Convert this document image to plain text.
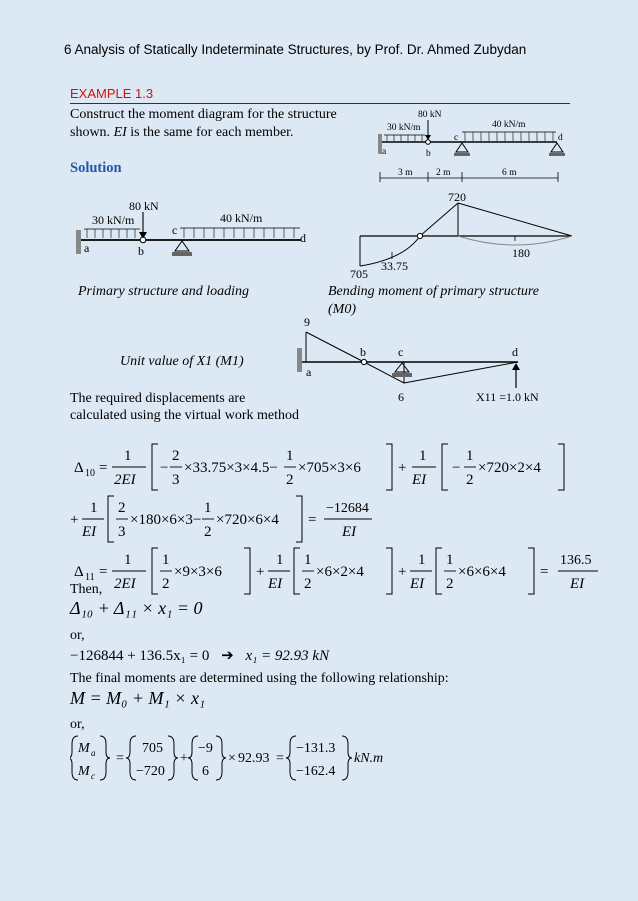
6 Analysis of Statically Indeterminate Structures, by Prof. Dr. Ahmed Zubydan
EXAMPLE 1.3
Construct the moment diagram for the structure
shown. EI is the same for each member.
Solution
80 kN
30 kN/m	40 kN/m
a	b
c	d
3 m 2 m	6 m
80 kN
30 kN/m	40 kN/m
a	b
c
d
Primary structure and loading
720
180
33.75
705
Bending moment of primary structure
(M0)
9
6
a
b	c	d
X11 =1.0 kN
Unit value of X1 (M1)
The required displacements are
calculated using the virtual work method
Δ 10 =
1
2EI
−
2
3
×33.75×3×4.5−
1
2
×705×3×6 +
1
EI
−
1
2
×720×2×4
+
1
EI
2
3
×180×6×3−
1
2
×720×6×4 =
−12684
EI
Δ 11 =
1
2EI
1
2
×9×3×6 +
1
EI
1
2
×6×2×4 +
1
EI
1
2
×6×6×4 =
136.5
EI
Then,
Δ₁₀ + Δ₁₁ × x₁ = 0
or,
−126844 + 136.5x₁ = 0 ➔ x₁ = 92.93 kN
The final moments are determined using the following relationship:
M = M₀ + M₁ × x₁
or,
M a
M c
=
705
−720
+
−9
6
× 92.93 =
−131.3
−162.4
kN.m
